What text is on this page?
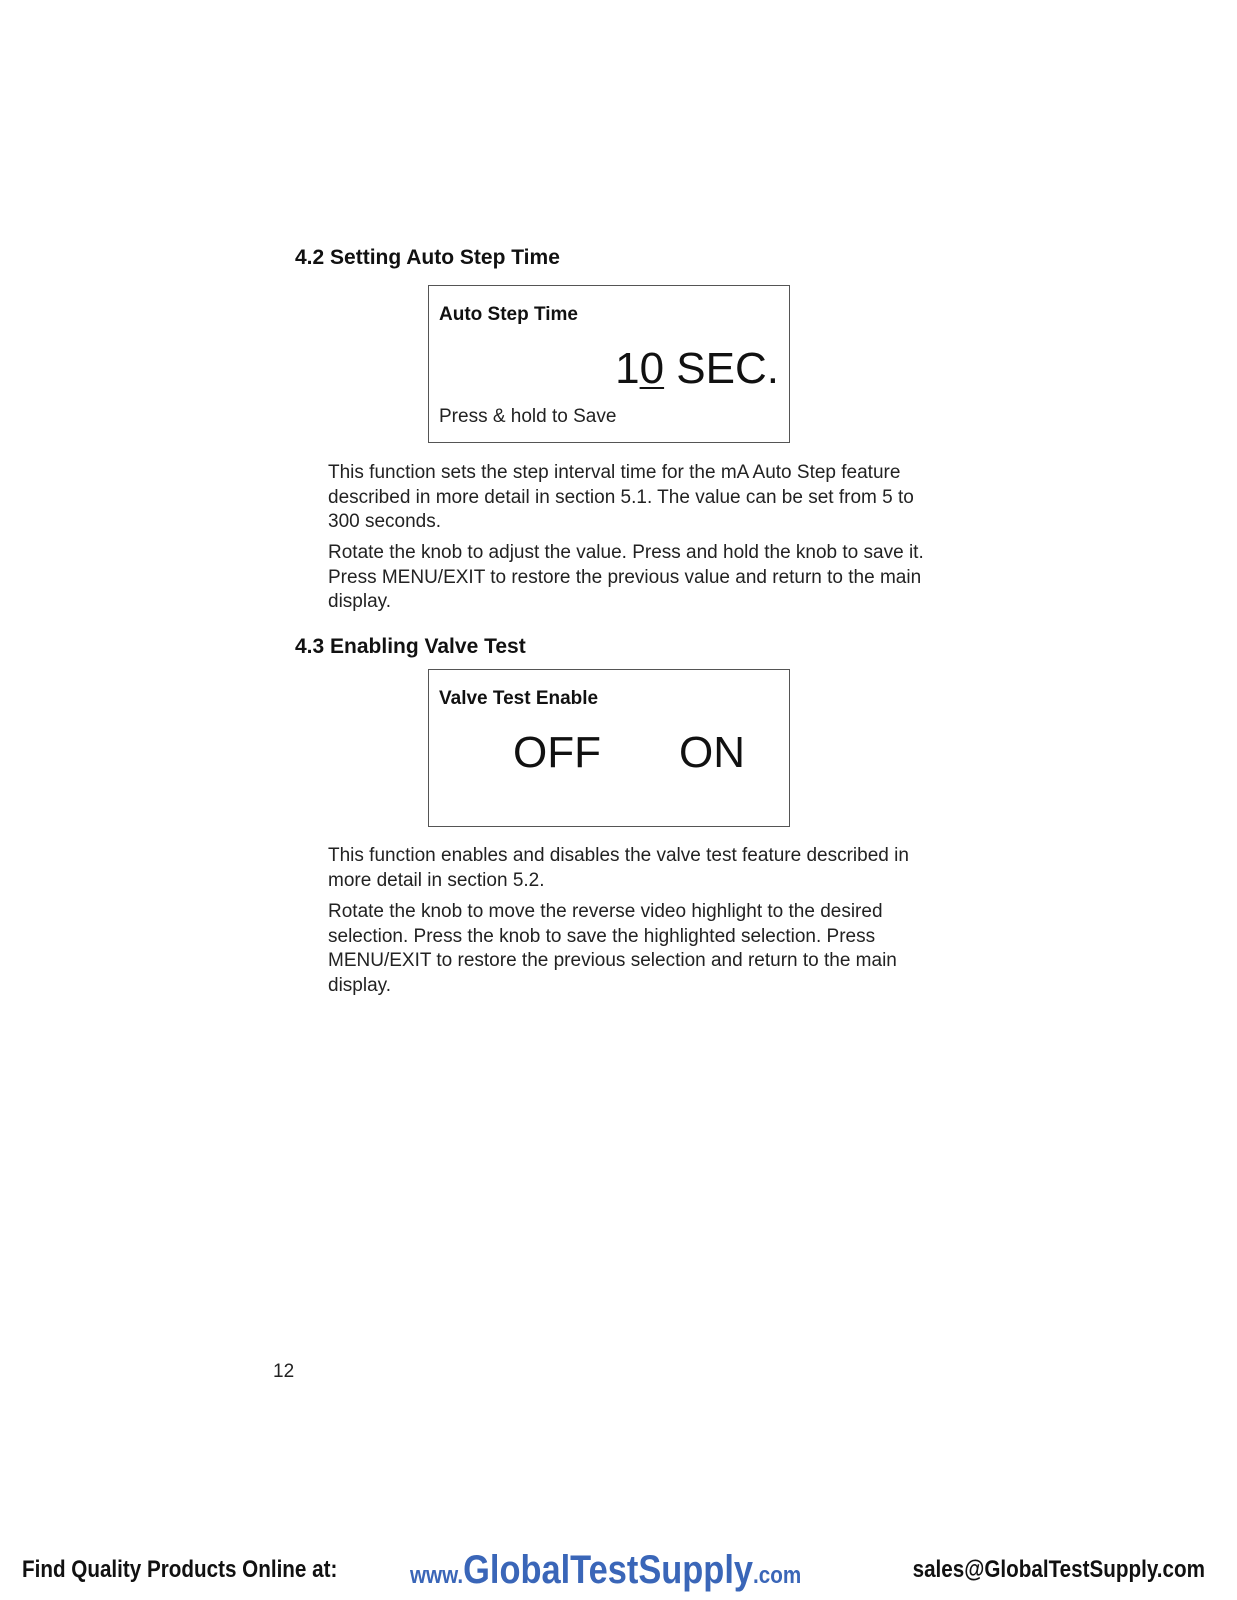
4.2 Setting Auto Step Time
Auto Step Time
10 SEC.
Press & hold to Save

This function sets the step interval time for the mA Auto Step feature described in more detail in section 5.1. The value can be set from 5 to 300 seconds.

Rotate the knob to adjust the value. Press and hold the knob to save it. Press MENU/EXIT to restore the previous value and return to the main display.

4.3 Enabling Valve Test
Valve Test Enable
OFF ON

This function enables and disables the valve test feature described in more detail in section 5.2.

Rotate the knob to move the reverse video highlight to the desired selection. Press the knob to save the highlighted selection. Press MENU/EXIT to restore the previous selection and return to the main display.

12
Find Quality Products Online at:	www.GlobalTestSupply.com	sales@GlobalTestSupply.com
